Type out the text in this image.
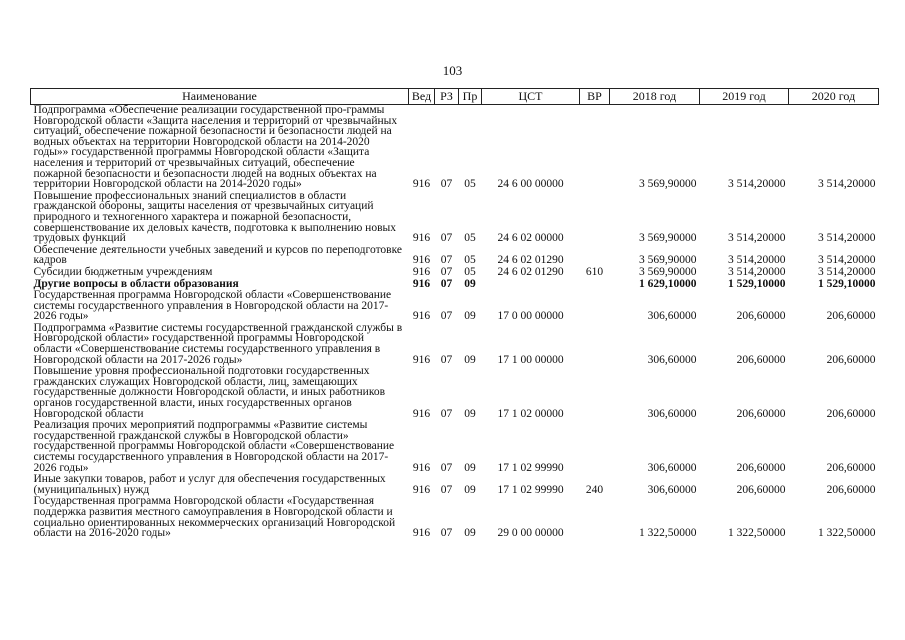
103
Наименование	Вед	РЗ	Пр	ЦСТ	ВР	2018 год	2019 год	2020 год
Подпрограмма «Обеспечение реализации государственной про-граммы Новгородской области «Защита населения и территорий от чрезвычайных ситуаций, обеспечение пожарной безопасности и безопасности людей на водных объектах на территории Новгородской области на 2014-2020 годы»» государственной программы Новгородской области «Защита населения и территорий от чрезвычайных ситуаций, обеспечение пожарной безопасности и безопасности людей на водных объектах на территории Новгородской области на 2014-2020 годы»	916	07	05	24 6 00 00000		3 569,90000	3 514,20000	3 514,20000
Повышение профессиональных знаний специалистов в области гражданской обороны, защиты населения от чрезвычайных ситуаций природного и техногенного характера и пожарной безопасности, совершенствование их деловых качеств, подготовка к выполнению новых трудовых функций	916	07	05	24 6 02 00000		3 569,90000	3 514,20000	3 514,20000
Обеспечение деятельности учебных заведений и курсов по переподготовке кадров	916	07	05	24 6 02 01290		3 569,90000	3 514,20000	3 514,20000
Субсидии бюджетным учреждениям	916	07	05	24 6 02 01290	610	3 569,90000	3 514,20000	3 514,20000
Другие вопросы в области образования	916	07	09			1 629,10000	1 529,10000	1 529,10000
Государственная программа Новгородской области «Совершенствование системы государственного управления в Новгородской области на 2017-2026 годы»	916	07	09	17 0 00 00000		306,60000	206,60000	206,60000
Подпрограмма «Развитие системы государственной гражданской службы в Новгородской области» государственной программы Новгородской области «Совершенствование системы государственного управления в Новгородской области на 2017-2026 годы»	916	07	09	17 1 00 00000		306,60000	206,60000	206,60000
Повышение уровня профессиональной подготовки государственных гражданских служащих Новгородской области, лиц, замещающих государственные должности Новгородской области, и иных работников органов государственной власти, иных государственных органов Новгородской области	916	07	09	17 1 02 00000		306,60000	206,60000	206,60000
Реализация прочих мероприятий подпрограммы «Развитие системы государственной гражданской службы в Новгородской области» государственной программы Новгородской области «Совершенствование системы государственного управления в Новгородской области на 2017-2026 годы»	916	07	09	17 1 02 99990		306,60000	206,60000	206,60000
Иные закупки товаров, работ и услуг для обеспечения государственных (муниципальных) нужд	916	07	09	17 1 02 99990	240	306,60000	206,60000	206,60000
Государственная программа Новгородской области «Государственная поддержка развития местного самоуправления в Новгородской области и социально ориентированных некоммерческих организаций Новгородской области на 2016-2020 годы»	916	07	09	29 0 00 00000		1 322,50000	1 322,50000	1 322,50000
